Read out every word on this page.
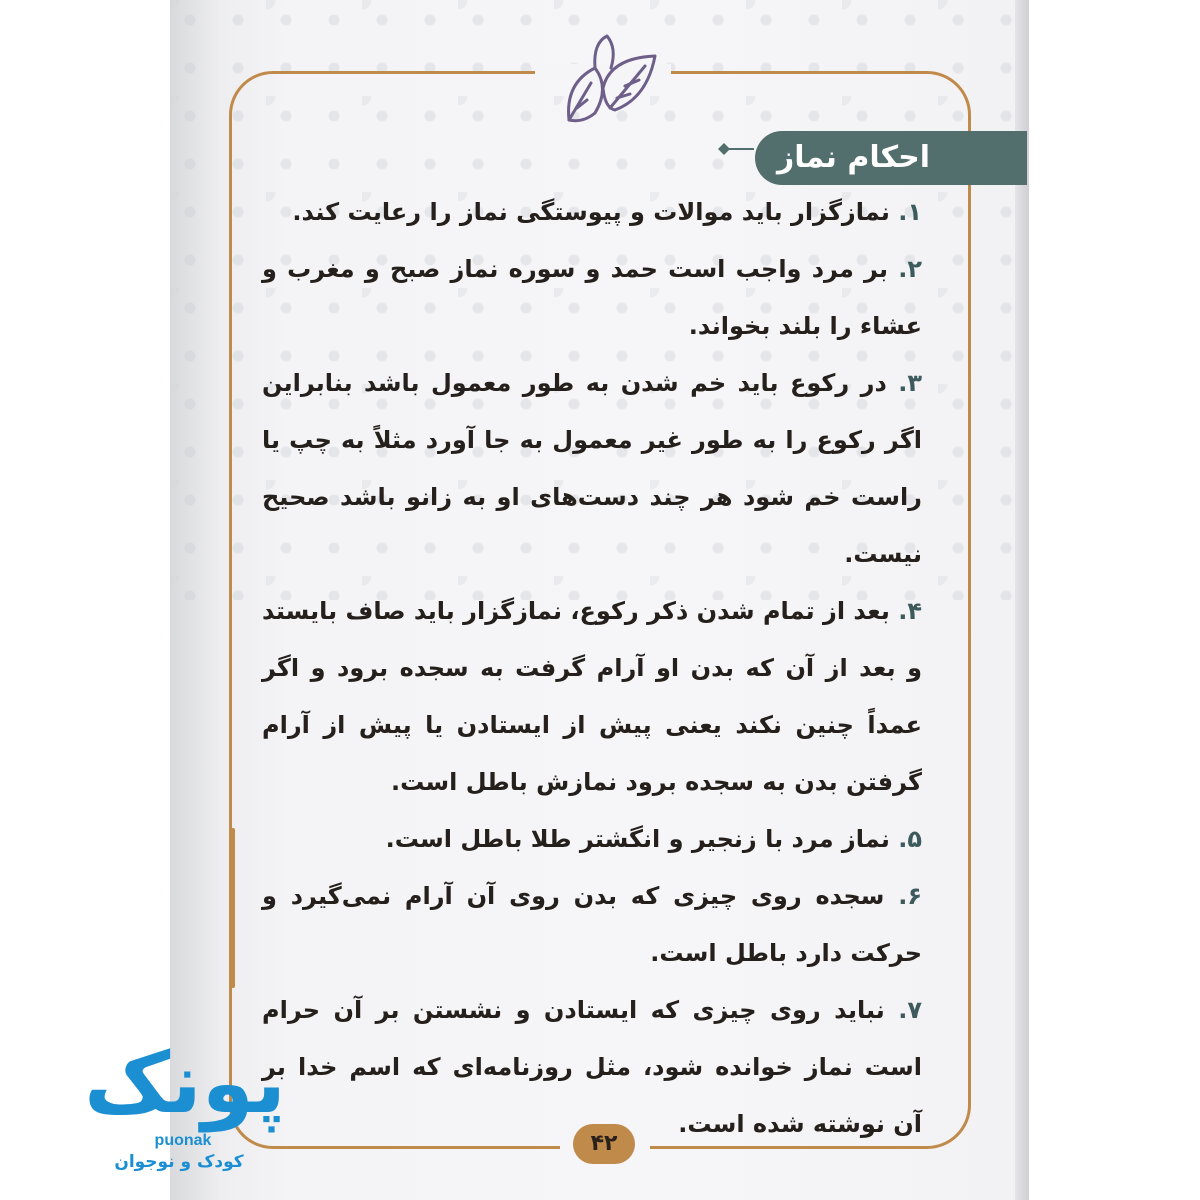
احکام نماز

۱. نمازگزار باید موالات و پیوستگی نماز را رعایت کند.

۲. بر مرد واجب است حمد و سوره نماز صبح و مغرب و عشاء را بلند بخواند.

۳. در رکوع باید خم شدن به طور معمول باشد بنابراین اگر رکوع را به طور غیر معمول به جا آورد مثلاً به چپ یا راست خم شود هر چند دست‌های او به زانو باشد صحیح نیست.

۴. بعد از تمام شدن ذکر رکوع، نمازگزار باید صاف بایستد و بعد از آن که بدن او آرام گرفت به سجده برود و اگر عمداً چنین نکند یعنی پیش از ایستادن یا پیش از آرام گرفتن بدن به سجده برود نمازش باطل است.

۵. نماز مرد با زنجیر و انگشتر طلا باطل است.

۶. سجده روی چیزی که بدن روی آن آرام نمی‌گیرد و حرکت دارد باطل است.

۷. نباید روی چیزی که ایستادن و نشستن بر آن حرام است نماز خوانده شود، مثل روزنامه‌ای که اسم خدا بر آن نوشته شده است.

۴۲
پونک
puonak
کودک و نوجوان
